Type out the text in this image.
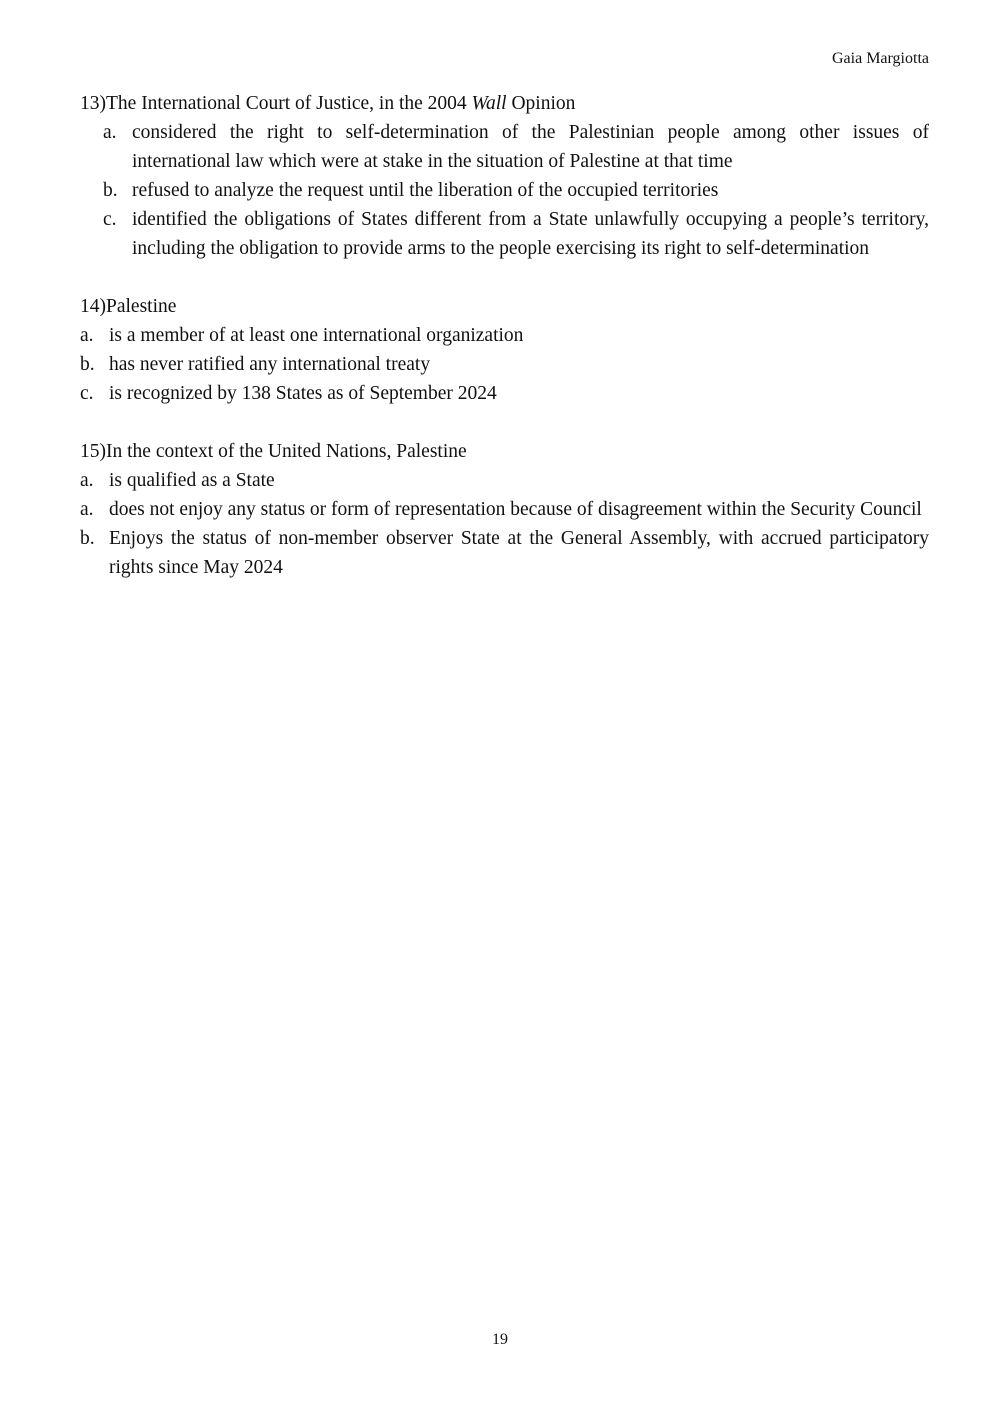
Gaia Margiotta
13) The International Court of Justice, in the 2004 Wall Opinion
a. considered the right to self-determination of the Palestinian people among other issues of international law which were at stake in the situation of Palestine at that time
b. refused to analyze the request until the liberation of the occupied territories
c. identified the obligations of States different from a State unlawfully occupying a people’s territory, including the obligation to provide arms to the people exercising its right to self-determination
14) Palestine
a. is a member of at least one international organization
b. has never ratified any international treaty
c. is recognized by 138 States as of September 2024
15) In the context of the United Nations, Palestine
a. is qualified as a State
a. does not enjoy any status or form of representation because of disagreement within the Security Council
b. Enjoys the status of non-member observer State at the General Assembly, with accrued participatory rights since May 2024
19
